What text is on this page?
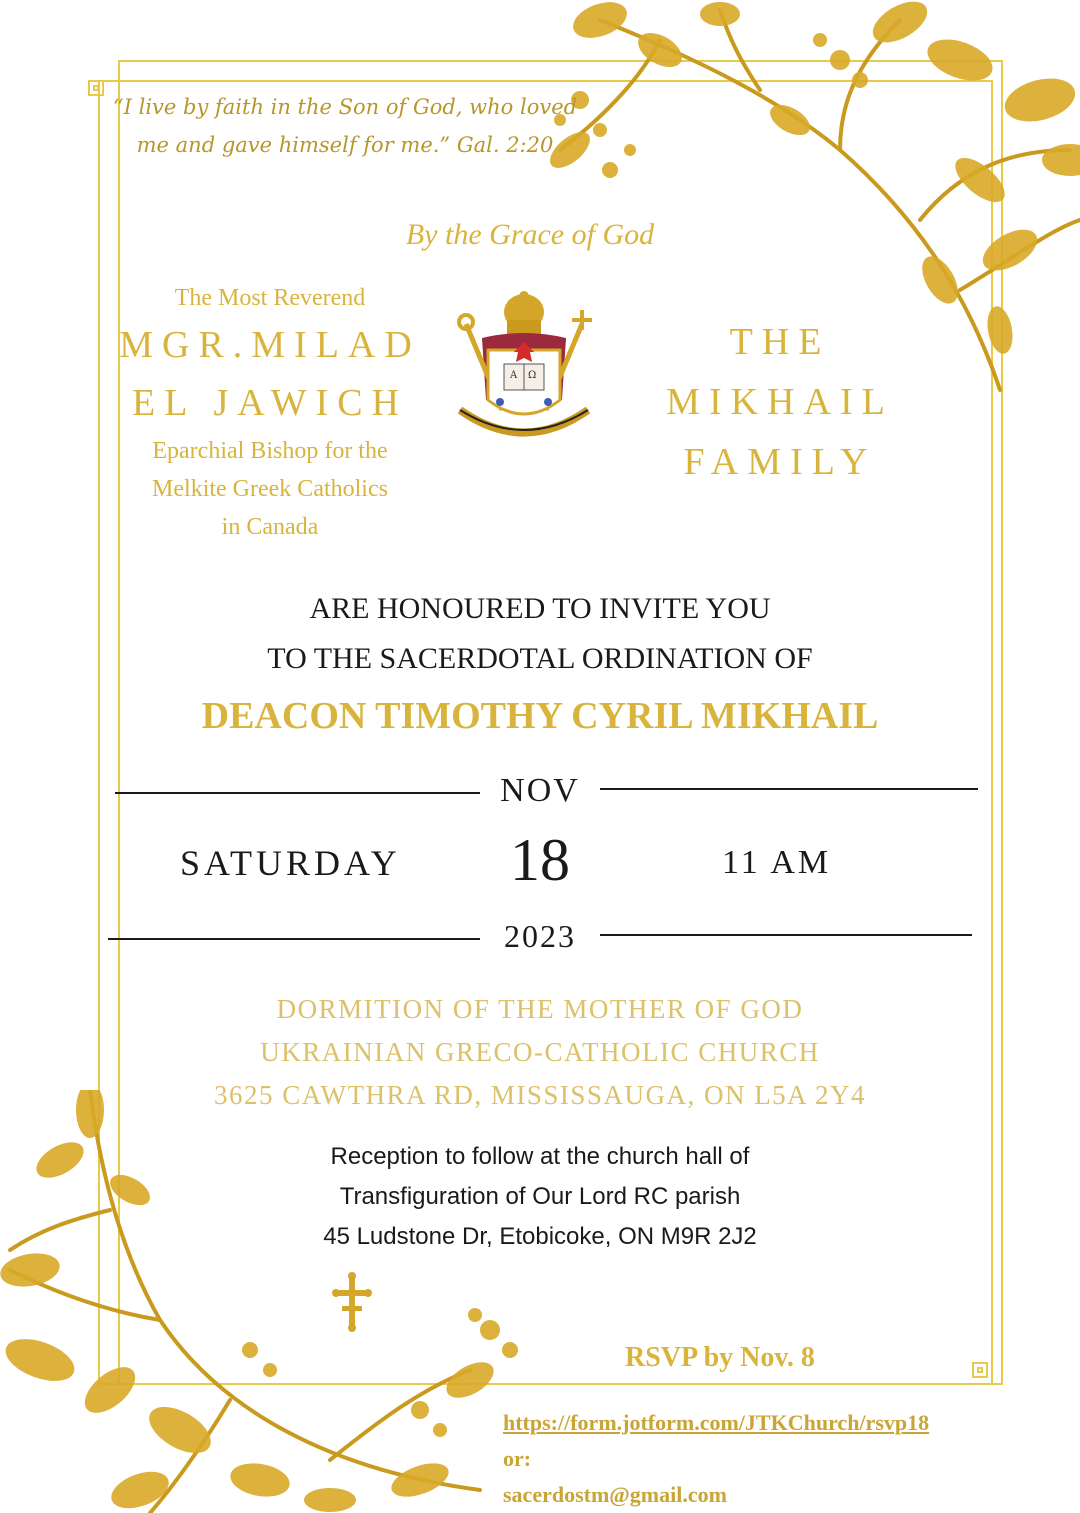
“I live by faith in the Son of God, who loved
me and gave himself for me.” Gal. 2:20
By the Grace of God
The Most Reverend
MGR.MILAD
EL JAWICH
Eparchial Bishop for the
Melkite Greek Catholics
in Canada
Α Ω
THE
MIKHAIL
FAMILY
ARE HONOURED TO INVITE YOU
TO THE SACERDOTAL ORDINATION OF
DEACON TIMOTHY CYRIL MIKHAIL
NOV
SATURDAY	18	11 AM
2023
DORMITION OF THE MOTHER OF GOD
UKRAINIAN GRECO-CATHOLIC CHURCH
3625 CAWTHRA RD, MISSISSAUGA, ON L5A 2Y4
Reception to follow at the church hall of
Transfiguration of Our Lord RC parish
45 Ludstone Dr, Etobicoke, ON M9R 2J2
RSVP by Nov. 8
https://form.jotform.com/JTKChurch/rsvp18
or:
sacerdostm@gmail.com
